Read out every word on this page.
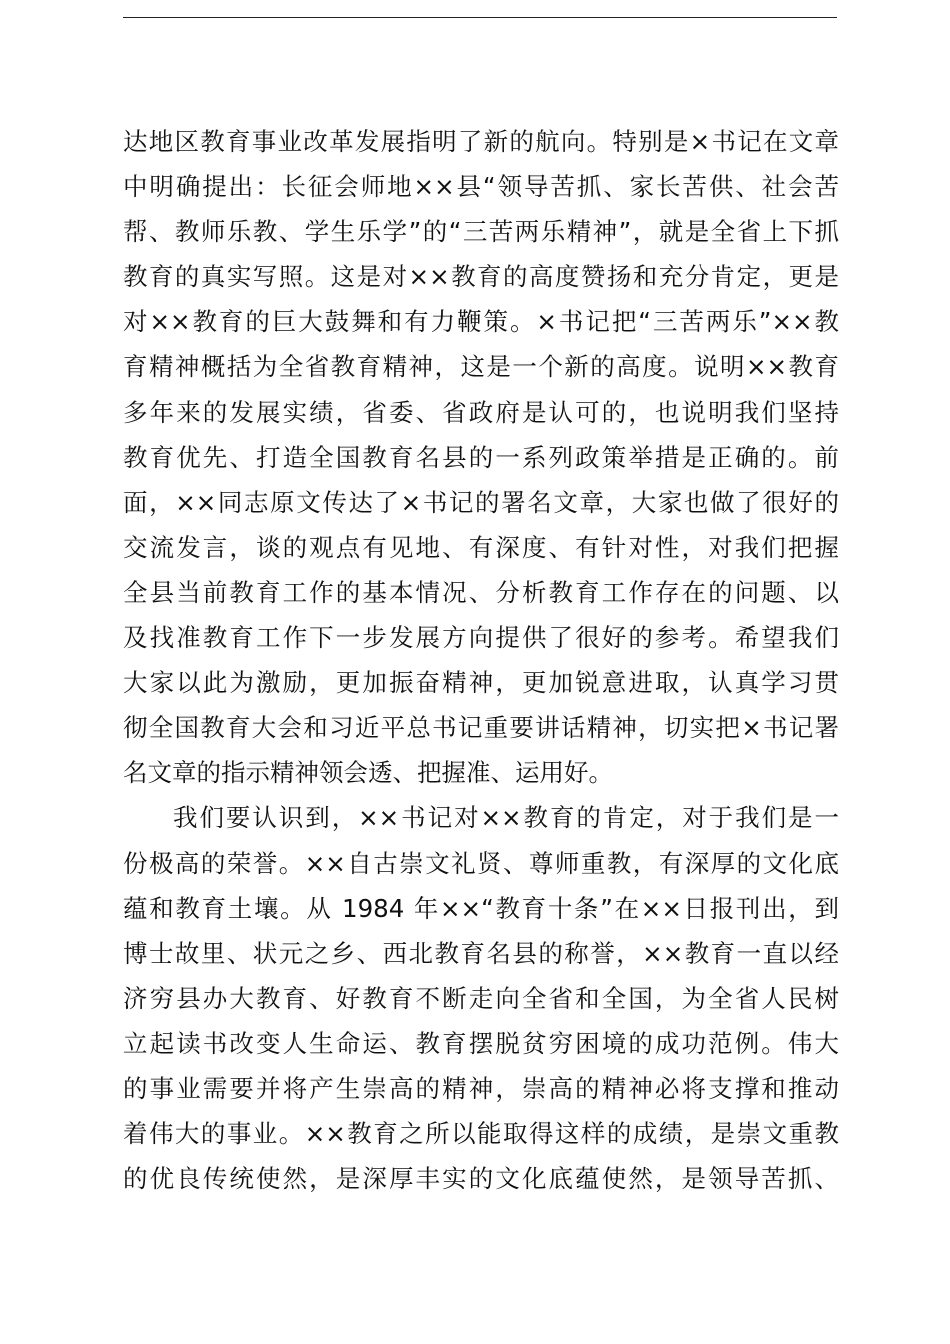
达地区教育事业改革发展指明了新的航向。特别是×书记在文章
中明确提出：长征会师地××县“领导苦抓、家长苦供、社会苦
帮、教师乐教、学生乐学”的“三苦两乐精神”，就是全省上下抓
教育的真实写照。这是对××教育的高度赞扬和充分肯定，更是
对××教育的巨大鼓舞和有力鞭策。×书记把“三苦两乐”××教
育精神概括为全省教育精神，这是一个新的高度。说明××教育
多年来的发展实绩，省委、省政府是认可的，也说明我们坚持
教育优先、打造全国教育名县的一系列政策举措是正确的。前
面，××同志原文传达了×书记的署名文章，大家也做了很好的
交流发言，谈的观点有见地、有深度、有针对性，对我们把握
全县当前教育工作的基本情况、分析教育工作存在的问题、以
及找准教育工作下一步发展方向提供了很好的参考。希望我们
大家以此为激励，更加振奋精神，更加锐意进取，认真学习贯
彻全国教育大会和习近平总书记重要讲话精神，切实把×书记署
名文章的指示精神领会透、把握准、运用好。
我们要认识到，××书记对××教育的肯定，对于我们是一
份极高的荣誉。××自古崇文礼贤、尊师重教，有深厚的文化底
蕴和教育土壤。从 1984 年××“教育十条”在××日报刊出，到
博士故里、状元之乡、西北教育名县的称誉，××教育一直以经
济穷县办大教育、好教育不断走向全省和全国，为全省人民树
立起读书改变人生命运、教育摆脱贫穷困境的成功范例。伟大
的事业需要并将产生崇高的精神，崇高的精神必将支撑和推动
着伟大的事业。××教育之所以能取得这样的成绩，是崇文重教
的优良传统使然，是深厚丰实的文化底蕴使然，是领导苦抓、
